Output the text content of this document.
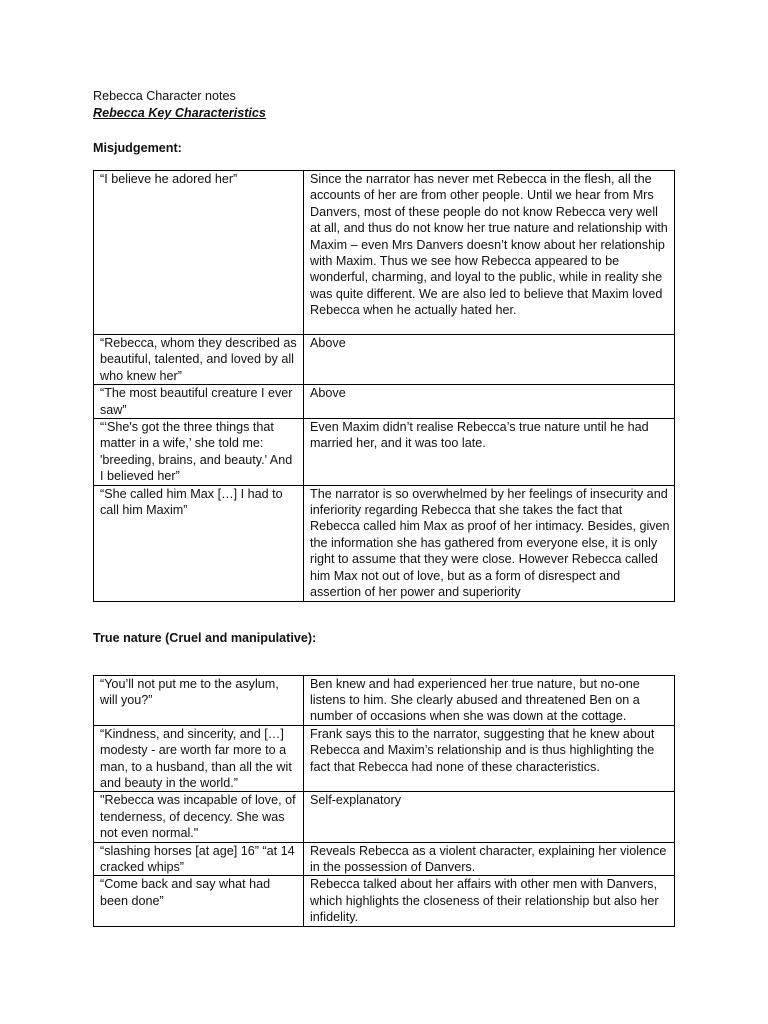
Rebecca Character notes

Rebecca Key Characteristics

Misjudgement:

“I believe he adored her”	Since the narrator has never met Rebecca in the flesh, all the accounts of her are from other people. Until we hear from Mrs Danvers, most of these people do not know Rebecca very well at all, and thus do not know her true nature and relationship with Maxim – even Mrs Danvers doesn’t know about her relationship with Maxim. Thus we see how Rebecca appeared to be wonderful, charming, and loyal to the public, while in reality she was quite different. We are also led to believe that Maxim loved Rebecca when he actually hated her.
“Rebecca, whom they described as beautiful, talented, and loved by all who knew her”	Above
“The most beautiful creature I ever saw”	Above
“‘She's got the three things that matter in a wife,’ she told me: 'breeding, brains, and beauty.' And I believed her”	Even Maxim didn’t realise Rebecca’s true nature until he had married her, and it was too late.
“She called him Max […] I had to call him Maxim”	The narrator is so overwhelmed by her feelings of insecurity and inferiority regarding Rebecca that she takes the fact that Rebecca called him Max as proof of her intimacy. Besides, given the information she has gathered from everyone else, it is only right to assume that they were close. However Rebecca called him Max not out of love, but as a form of disrespect and assertion of her power and superiority

True nature (Cruel and manipulative):

“You’ll not put me to the asylum, will you?”	Ben knew and had experienced her true nature, but no-one listens to him. She clearly abused and threatened Ben on a number of occasions when she was down at the cottage.
“Kindness, and sincerity, and […] modesty - are worth far more to a man, to a husband, than all the wit and beauty in the world.”	Frank says this to the narrator, suggesting that he knew about Rebecca and Maxim’s relationship and is thus highlighting the fact that Rebecca had none of these characteristics.
"Rebecca was incapable of love, of tenderness, of decency. She was not even normal."	Self-explanatory
“slashing horses [at age] 16” “at 14 cracked whips”	Reveals Rebecca as a violent character, explaining her violence in the possession of Danvers.
“Come back and say what had been done”	Rebecca talked about her affairs with other men with Danvers, which highlights the closeness of their relationship but also her infidelity.
